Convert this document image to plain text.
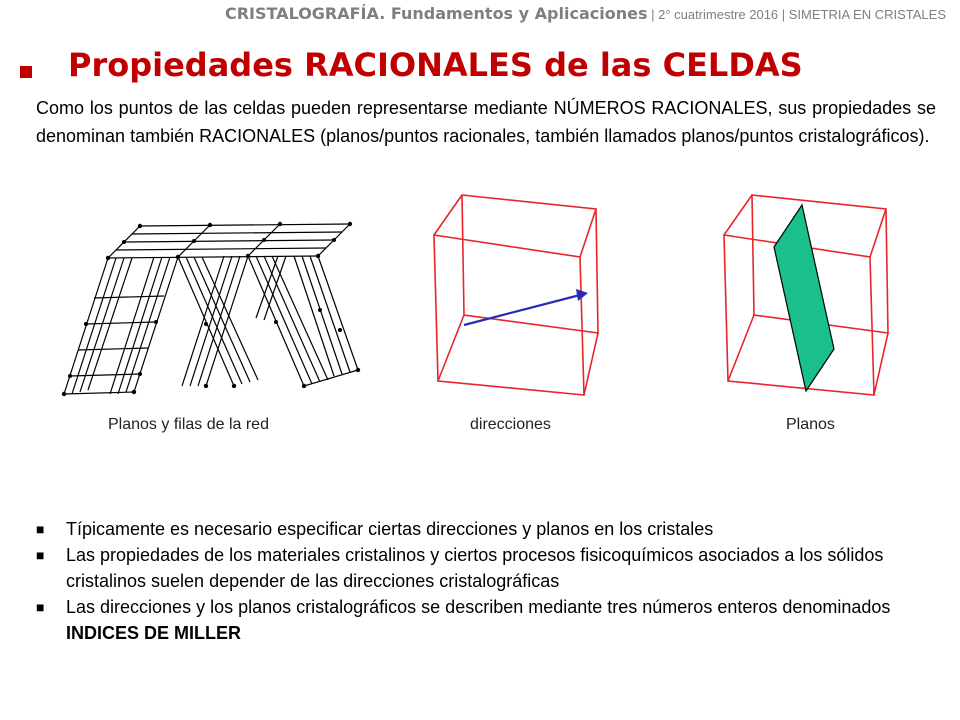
CRISTALOGRAFÍA. Fundamentos y Aplicaciones | 2° cuatrimestre 2016 | SIMETRIA EN CRISTALES
Propiedades RACIONALES de las CELDAS

Como los puntos de las celdas pueden representarse mediante NÚMEROS RACIONALES, sus propiedades se denominan también RACIONALES (planos/puntos racionales, también llamados planos/puntos cristalográficos).

Planos y filas de la red	direcciones	Planos
■ Típicamente es necesario especificar ciertas direcciones y planos en los cristales
■ Las propiedades de los materiales cristalinos y ciertos procesos fisicoquímicos asociados a los sólidos cristalinos suelen depender de las direcciones cristalográficas
■ Las direcciones y los planos cristalográficos se describen mediante tres números enteros denominados INDICES DE MILLER
